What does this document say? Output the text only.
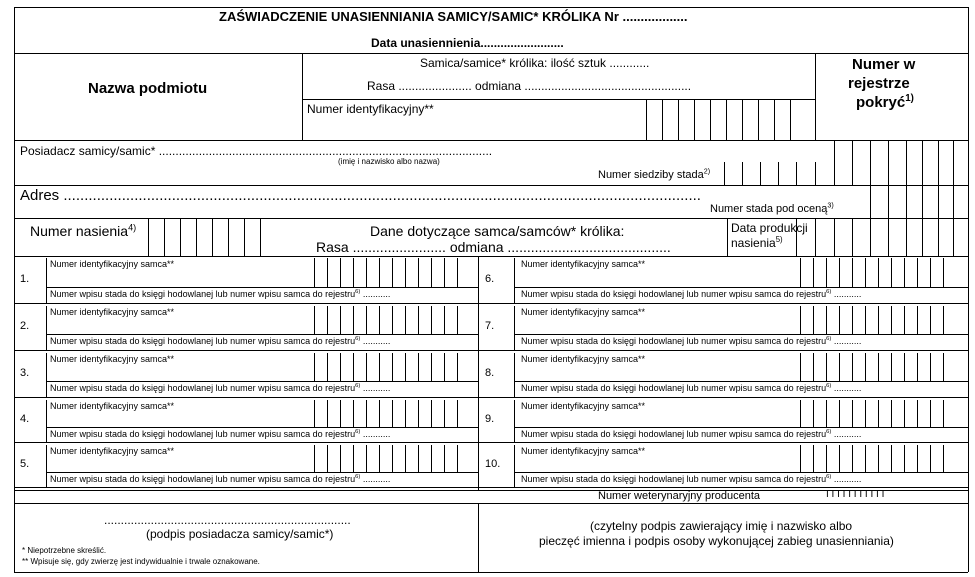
ZAŚWIADCZENIE UNASIENNIANIA SAMICY/SAMIC* KRÓLIKA Nr ..................
Data unasiennienia.........................
Nazwa podmiotu
Samica/samice* królika: ilość sztuk ............
Rasa ...................... odmiana ..................................................
Numer identyfikacyjny**
Numer w
rejestrze
pokryć$^{1)}$
Posiadacz samicy/samic* ....................................................................................................
(imię i nazwisko albo nazwa)
Numer siedziby stada$^{2)}$
Adres .........................................................................................................................................................
Numer stada pod oceną$^{3)}$
Numer nasienia$^{4)}$	Dane dotyczące samca/samców* królika:
Rasa ........................ odmiana ..........................................
Data produkcji
nasienia$^{5)}$
1.
Numer identyfikacyjny samca**
Numer wpisu stada do księgi hodowlanej lub numer wpisu samca do rejestru$^{6)}$ ...........
6.
Numer identyfikacyjny samca**
Numer wpisu stada do księgi hodowlanej lub numer wpisu samca do rejestru$^{6)}$ ...........
2.
Numer identyfikacyjny samca**
Numer wpisu stada do księgi hodowlanej lub numer wpisu samca do rejestru$^{6)}$ ...........
7.
Numer identyfikacyjny samca**
Numer wpisu stada do księgi hodowlanej lub numer wpisu samca do rejestru$^{6)}$ ...........
3.
Numer identyfikacyjny samca**
Numer wpisu stada do księgi hodowlanej lub numer wpisu samca do rejestru$^{6)}$ ...........
8.
Numer identyfikacyjny samca**
Numer wpisu stada do księgi hodowlanej lub numer wpisu samca do rejestru$^{6)}$ ...........
4.
Numer identyfikacyjny samca**
Numer wpisu stada do księgi hodowlanej lub numer wpisu samca do rejestru$^{6)}$ ...........
9.
Numer identyfikacyjny samca**
Numer wpisu stada do księgi hodowlanej lub numer wpisu samca do rejestru$^{6)}$ ...........
5.
Numer identyfikacyjny samca**
Numer wpisu stada do księgi hodowlanej lub numer wpisu samca do rejestru$^{6)}$ ...........
10.
Numer identyfikacyjny samca**
Numer wpisu stada do księgi hodowlanej lub numer wpisu samca do rejestru$^{6)}$ ...........
Numer weterynaryjny producenta	I I I I I I I I I I I
..........................................................................
(podpis posiadacza samicy/samic*)
(czytelny podpis zawierający imię i nazwisko albo
pieczęć imienna i podpis osoby wykonującej zabieg unasienniania)
* Niepotrzebne skreślić.
** Wpisuje się, gdy zwierzę jest indywidualnie i trwale oznakowane.
